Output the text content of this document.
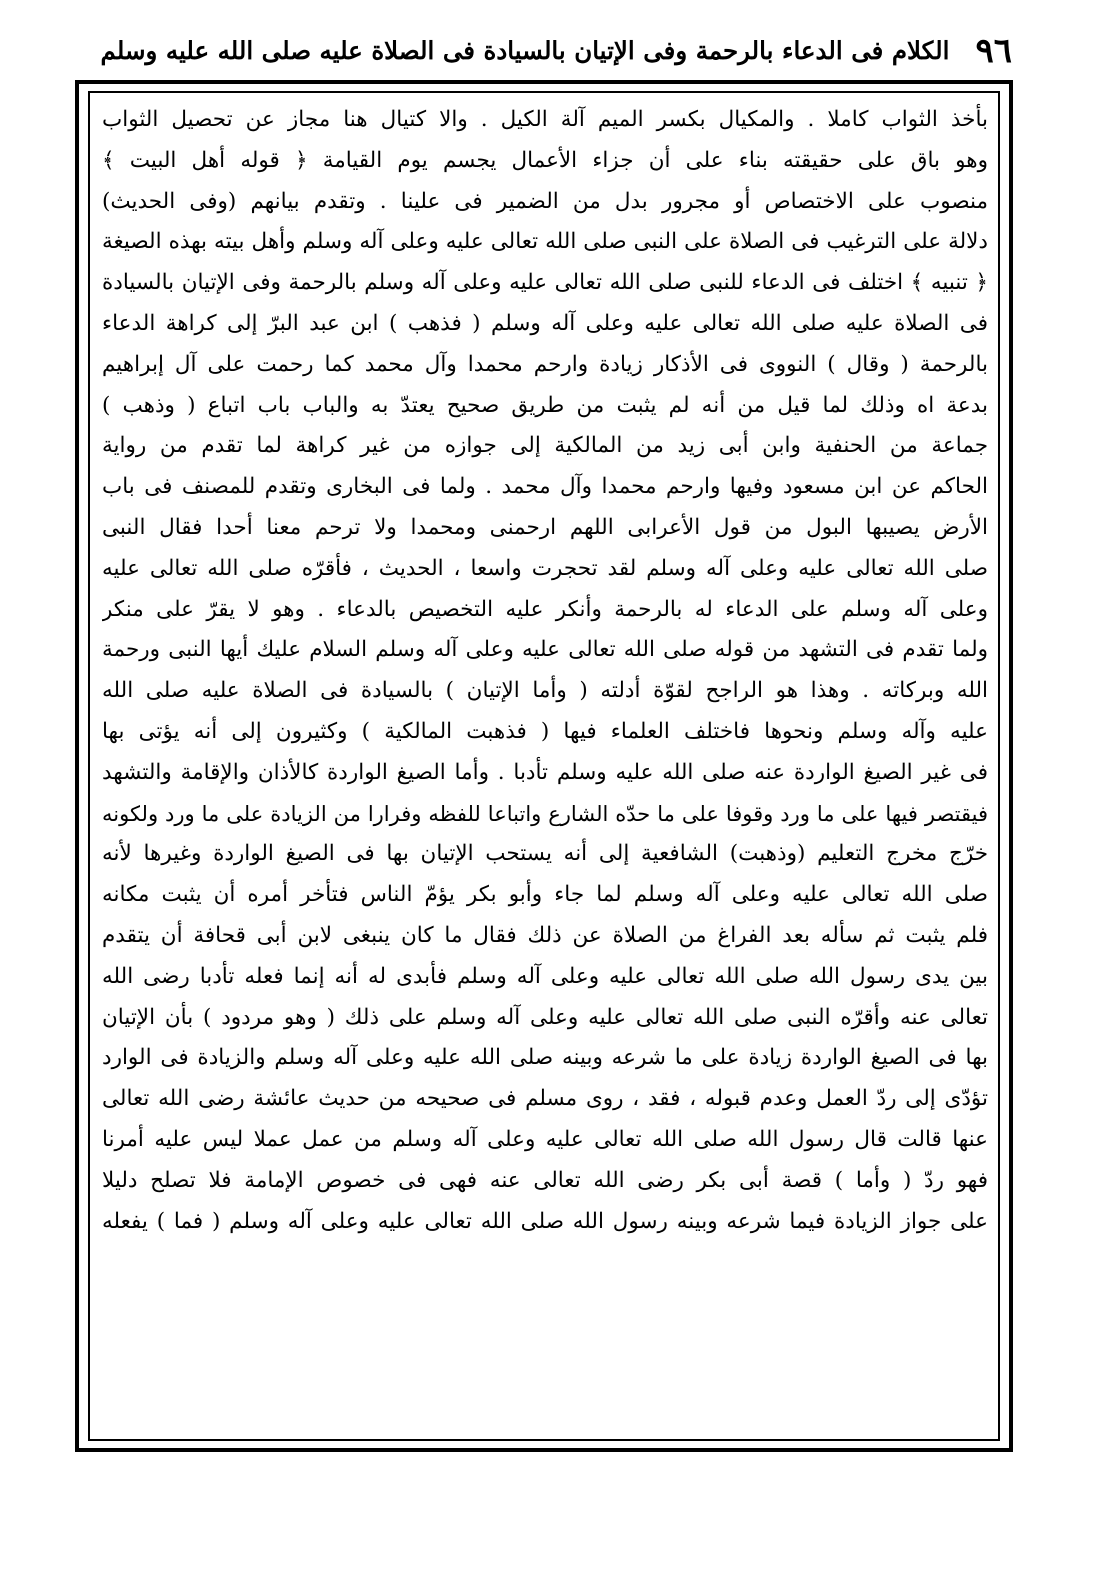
٩٦
الكلام فى الدعاء بالرحمة وفى الإتيان بالسيادة فى الصلاة عليه صلى الله عليه وسلم
بأخذ الثواب كاملا . والمكيال بكسر الميم آلة الكيل . والا كتيال هنا مجاز عن تحصيل الثواب
وهو باق على حقيقته بناء على أن جزاء الأعمال يجسم يوم القيامة ﴿ قوله أهل البيت ﴾
منصوب على الاختصاص أو مجرور بدل من الضمير فى علينا . وتقدم بيانهم (وفى الحديث)
دلالة على الترغيب فى الصلاة على النبى صلى الله تعالى عليه وعلى آله وسلم وأهل بيته بهذه الصيغة
﴿ تنبيه ﴾ اختلف فى الدعاء للنبى صلى الله تعالى عليه وعلى آله وسلم بالرحمة وفى الإتيان بالسيادة
فى الصلاة عليه صلى الله تعالى عليه وعلى آله وسلم ( فذهب ) ابن عبد البرّ إلى كراهة الدعاء
بالرحمة ( وقال ) النووى فى الأذكار زيادة وارحم محمدا وآل محمد كما رحمت على آل إبراهيم
بدعة اه وذلك لما قيل من أنه لم يثبت من طريق صحيح يعتدّ به والباب باب اتباع ( وذهب )
جماعة من الحنفية وابن أبى زيد من المالكية إلى جوازه من غير كراهة لما تقدم من رواية
الحاكم عن ابن مسعود وفيها وارحم محمدا وآل محمد . ولما فى البخارى وتقدم للمصنف فى باب
الأرض يصيبها البول من قول الأعرابى اللهم ارحمنى ومحمدا ولا ترحم معنا أحدا فقال النبى
صلى الله تعالى عليه وعلى آله وسلم لقد تحجرت واسعا ، الحديث ، فأقرّه صلى الله تعالى عليه
وعلى آله وسلم على الدعاء له بالرحمة وأنكر عليه التخصيص بالدعاء . وهو لا يقرّ على منكر
ولما تقدم فى التشهد من قوله صلى الله تعالى عليه وعلى آله وسلم السلام عليك أيها النبى ورحمة
الله وبركاته . وهذا هو الراجح لقوّة أدلته ( وأما الإتيان ) بالسيادة فى الصلاة عليه صلى الله
عليه وآله وسلم ونحوها فاختلف العلماء فيها ( فذهبت المالكية ) وكثيرون إلى أنه يؤتى بها
فى غير الصيغ الواردة عنه صلى الله عليه وسلم تأدبا . وأما الصيغ الواردة كالأذان والإقامة والتشهد
فيقتصر فيها على ما ورد وقوفا على ما حدّه الشارع واتباعا للفظه وفرارا من الزيادة على ما ورد ولكونه
خرّج مخرج التعليم (وذهبت) الشافعية إلى أنه يستحب الإتيان بها فى الصيغ الواردة وغيرها لأنه
صلى الله تعالى عليه وعلى آله وسلم لما جاء وأبو بكر يؤمّ الناس فتأخر أمره أن يثبت مكانه
فلم يثبت ثم سأله بعد الفراغ من الصلاة عن ذلك فقال ما كان ينبغى لابن أبى قحافة أن يتقدم
بين يدى رسول الله صلى الله تعالى عليه وعلى آله وسلم فأبدى له أنه إنما فعله تأدبا رضى الله
تعالى عنه وأقرّه النبى صلى الله تعالى عليه وعلى آله وسلم على ذلك ( وهو مردود ) بأن الإتيان
بها فى الصيغ الواردة زيادة على ما شرعه وبينه صلى الله عليه وعلى آله وسلم والزيادة فى الوارد
تؤدّى إلى ردّ العمل وعدم قبوله ، فقد ، روى مسلم فى صحيحه من حديث عائشة رضى الله تعالى
عنها قالت قال رسول الله صلى الله تعالى عليه وعلى آله وسلم من عمل عملا ليس عليه أمرنا
فهو ردّ ( وأما ) قصة أبى بكر رضى الله تعالى عنه فهى فى خصوص الإمامة فلا تصلح دليلا
على جواز الزيادة فيما شرعه وبينه رسول الله صلى الله تعالى عليه وعلى آله وسلم ( فما ) يفعله
